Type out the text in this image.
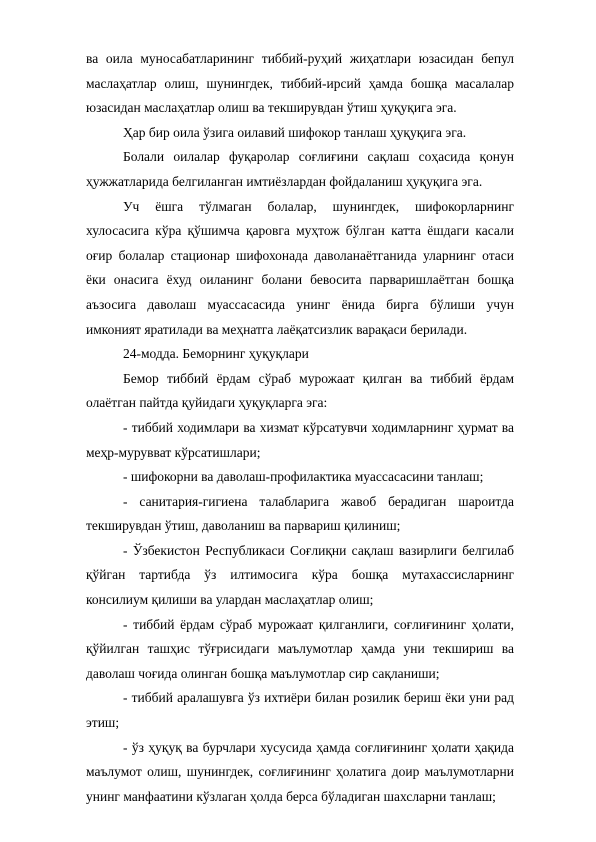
ва оила муносабатларининг тиббий-руҳий жиҳатлари юзасидан бепул маслаҳатлар олиш, шунингдек, тиббий-ирсий ҳамда бошқа масалалар юзасидан маслаҳатлар олиш ва текширувдан ўтиш ҳуқуқига эга.

Ҳар бир оила ўзига оилавий шифокор танлаш ҳуқуқига эга.

Болали оилалар фуқаролар соғлиғини сақлаш соҳасида қонун ҳужжатларида белгиланган имтиёзлардан фойдаланиш ҳуқуқига эга.

Уч ёшга тўлмаган болалар, шунингдек, шифокорларнинг хулосасига кўра қўшимча қаровга муҳтож бўлган катта ёшдаги касали оғир болалар стационар шифохонада даволанаётганида уларнинг отаси ёки онасига ёхуд оиланинг болани бевосита парваришлаётган бошқа аъзосига даволаш муассасасида унинг ёнида бирга бўлиши учун имконият яратилади ва меҳнатга лаёқатсизлик варақаси берилади.

24-модда. Беморнинг ҳуқуқлари

Бемор тиббий ёрдам сўраб мурожаат қилган ва тиббий ёрдам олаётган пайтда қуйидаги ҳуқуқларга эга:

- тиббий ходимлари ва хизмат кўрсатувчи ходимларнинг ҳурмат ва меҳр-мурувват кўрсатишлари;

- шифокорни ва даволаш-профилактика муассасасини танлаш;

- санитария-гигиена талабларига жавоб берадиган шароитда текширувдан ўтиш, даволаниш ва парвариш қилиниш;

- Ўзбекистон Республикаси Соғлиқни сақлаш вазирлиги белгилаб қўйган тартибда ўз илтимосига кўра бошқа мутахассисларнинг консилиум қилиши ва улардан маслаҳатлар олиш;

- тиббий ёрдам сўраб мурожаат қилганлиги, соғлиғининг ҳолати, қўйилган ташҳис тўғрисидаги маълумотлар ҳамда уни текшириш ва даволаш чоғида олинган бошқа маълумотлар сир сақланиши;

- тиббий аралашувга ўз ихтиёри билан розилик бериш ёки уни рад этиш;

- ўз ҳуқуқ ва бурчлари хусусида ҳамда соғлиғининг ҳолати ҳақида маълумот олиш, шунингдек, соғлиғининг ҳолатига доир маълумотларни унинг манфаатини кўзлаган ҳолда берса бўладиган шахсларни танлаш;
